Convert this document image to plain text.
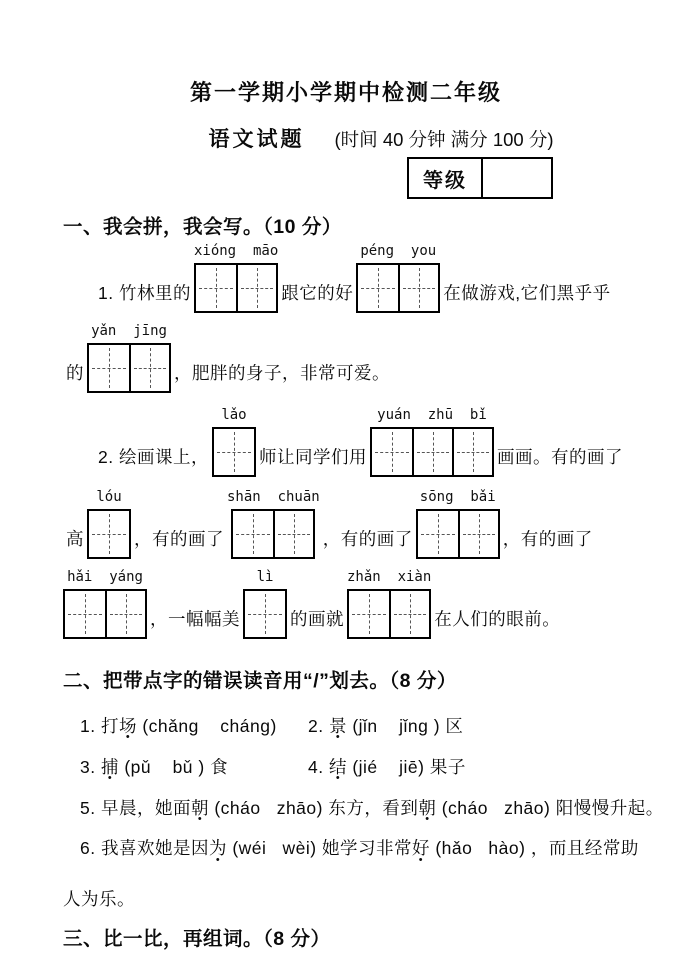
第一学期小学期中检测二年级
语文试题 (时间 40 分钟 满分 100 分)
等级
一、我会拼，我会写。（10 分）
1. 竹林里的
xióng  māo
跟它的好
péng  you
在做游戏,它们黑乎乎
的
yǎn  jīng
，肥胖的身子，非常可爱。
2. 绘画课上，
lǎo
师让同学们用
yuán  zhū  bǐ
画画。有的画了
高
lóu
，有的画了
shān  chuān
，有的画了
sōng  bǎi
，有的画了
hǎi  yáng
，一幅幅美
lì
的画就
zhǎn  xiàn
在人们的眼前。
二、把带点字的错误读音用“/”划去。（8 分）
1. 打场 (chǎng    cháng)	2. 景 (jǐn    jǐng ) 区
3. 捕 (pǔ    bǔ ) 食	4. 结 (jié    jiē) 果子
5. 早晨，她面朝 (cháo   zhāo) 东方，看到朝 (cháo   zhāo) 阳慢慢升起。
6. 我喜欢她是因为 (wéi   wèi) 她学习非常好 (hǎo   hào) ，而且经常助
人为乐。
三、比一比，再组词。（8 分）
